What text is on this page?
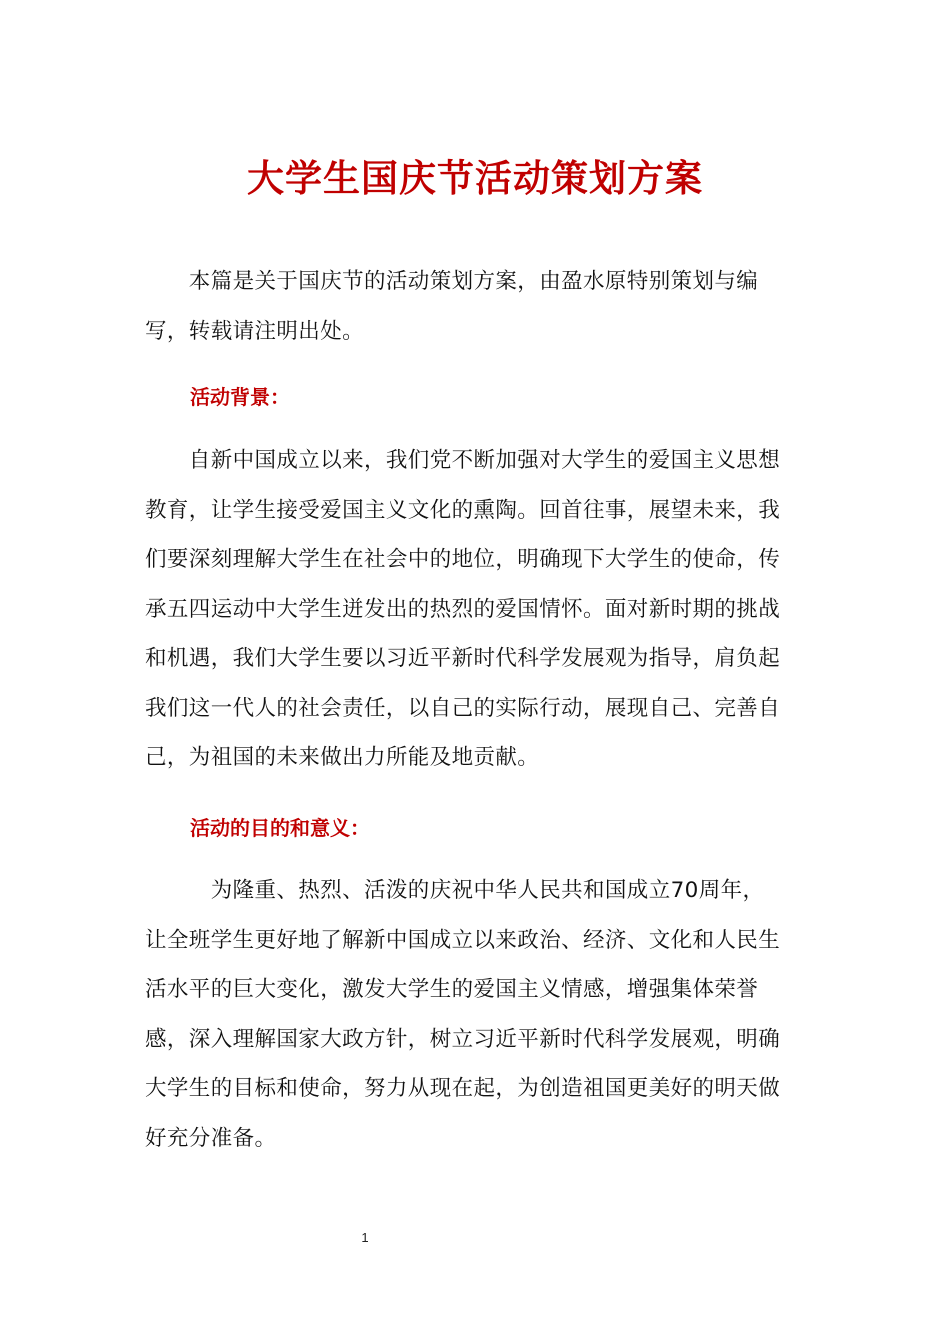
大学生国庆节活动策划方案

　　本篇是关于国庆节的活动策划方案，由盈水原特别策划与编
写，转载请注明出处。

活动背景：

　　自新中国成立以来，我们党不断加强对大学生的爱国主义思想
教育，让学生接受爱国主义文化的熏陶。回首往事，展望未来，我
们要深刻理解大学生在社会中的地位，明确现下大学生的使命，传
承五四运动中大学生迸发出的热烈的爱国情怀。面对新时期的挑战
和机遇，我们大学生要以习近平新时代科学发展观为指导，肩负起
我们这一代人的社会责任，以自己的实际行动，展现自己、完善自
己，为祖国的未来做出力所能及地贡献。

活动的目的和意义：

　　　为隆重、热烈、活泼的庆祝中华人民共和国成立70周年，
让全班学生更好地了解新中国成立以来政治、经济、文化和人民生
活水平的巨大变化，激发大学生的爱国主义情感，增强集体荣誉
感，深入理解国家大政方针，树立习近平新时代科学发展观，明确
大学生的目标和使命，努力从现在起，为创造祖国更美好的明天做
好充分准备。

1
